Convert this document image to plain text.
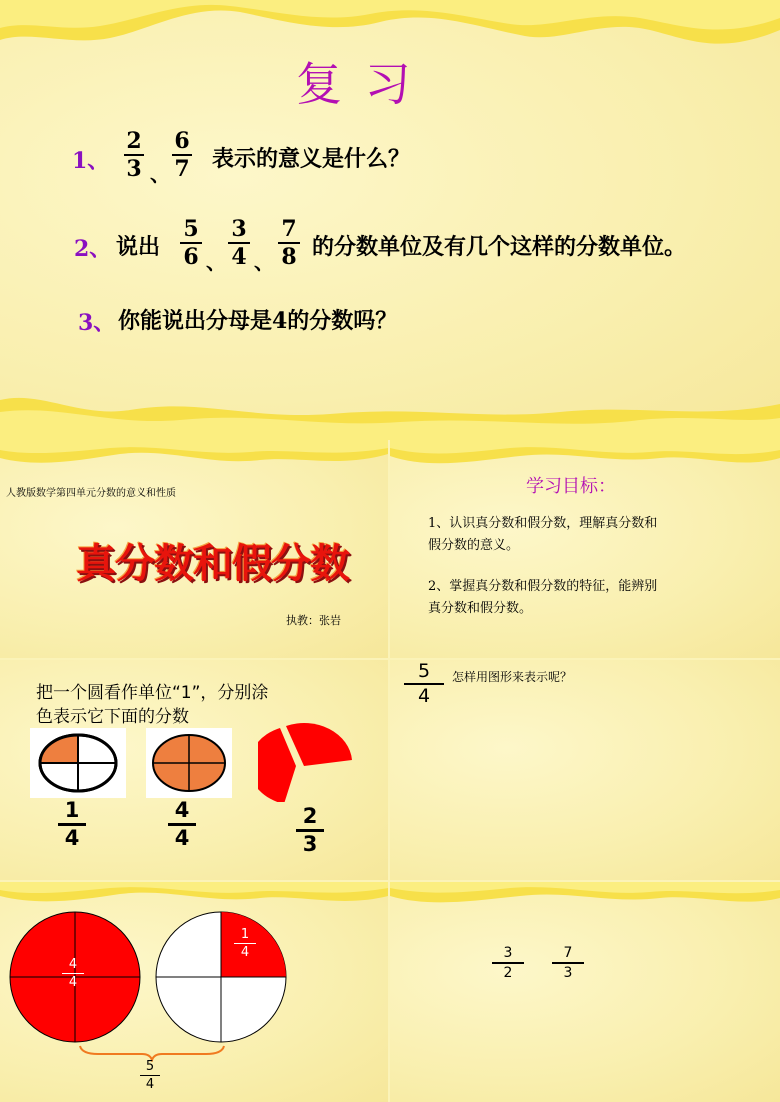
复 习
1、
2
3 、
6
7 表示的意义是什么？
2、 说出
5
6 、
3
4 、
7
8 的分数单位及有几个这样的分数单位。
3、 你能说出分母是4的分数吗？
人教版数学第四单元分数的意义和性质
真分数和假分数
执教：张岩
学习目标：
1、认识真分数和假分数，理解真分数和
假分数的意义。
2、掌握真分数和假分数的特征，能辨别
真分数和假分数。
把一个圆看作单位“1”，分别涂
色表示它下面的分数
1
4
4
4
2
3
5
4
怎样用图形来表示呢？
4
4
1
4
5
4
3
2
7
3
